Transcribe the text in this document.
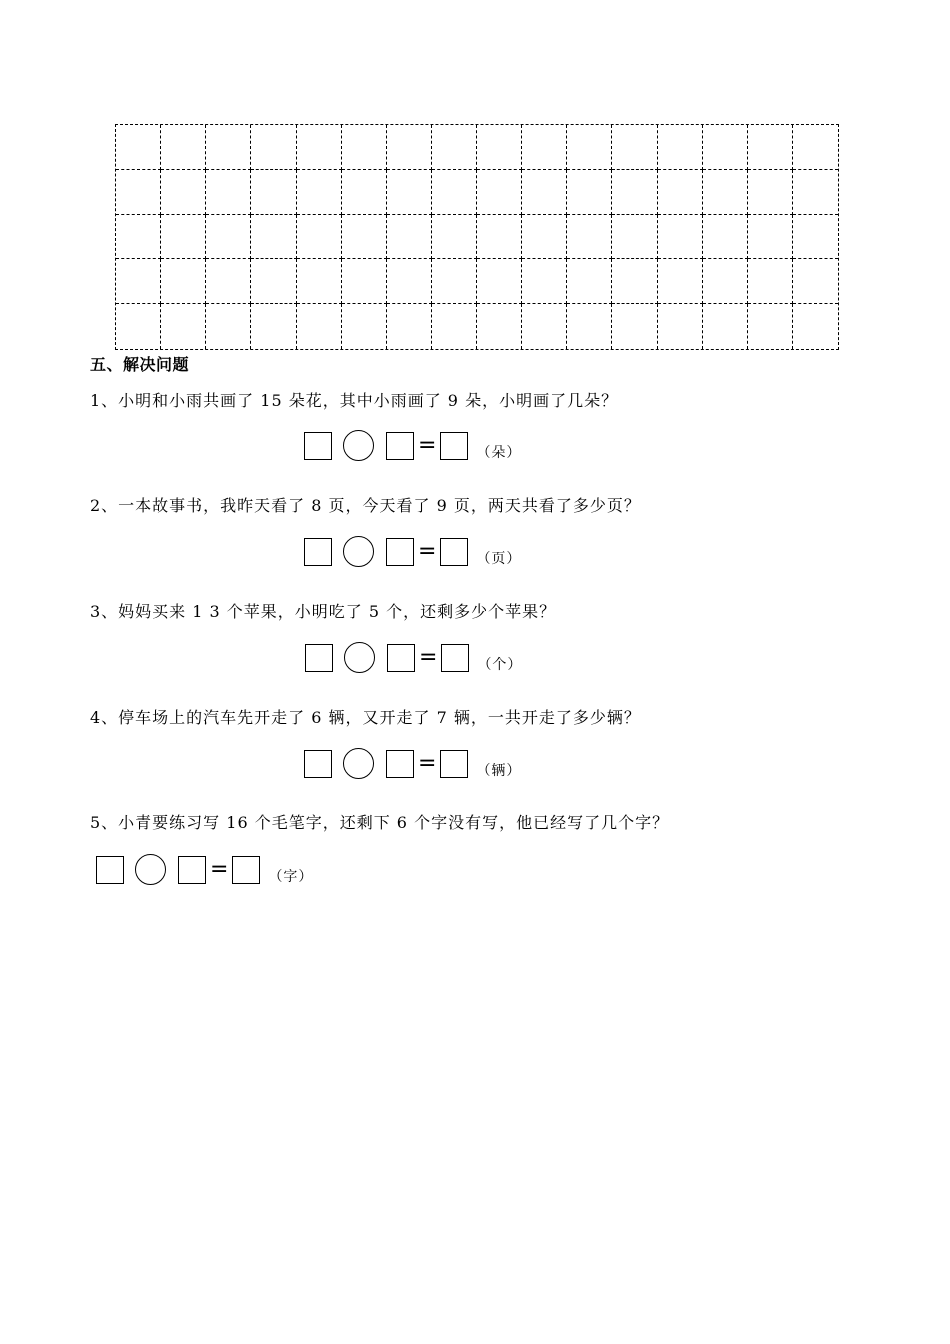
五、解决问题
1、小明和小雨共画了 15 朵花，其中小雨画了 9 朵，小明画了几朵？
=	（朵）
2、一本故事书，我昨天看了 8 页，今天看了 9 页，两天共看了多少页？
=	（页）
3、妈妈买来 1 3 个苹果，小明吃了 5 个，还剩多少个苹果？
=	（个）
4、停车场上的汽车先开走了 6 辆，又开走了 7 辆，一共开走了多少辆？
=	（辆）
5、小青要练习写 16 个毛笔字，还剩下 6 个字没有写，他已经写了几个字？
=	（字）
